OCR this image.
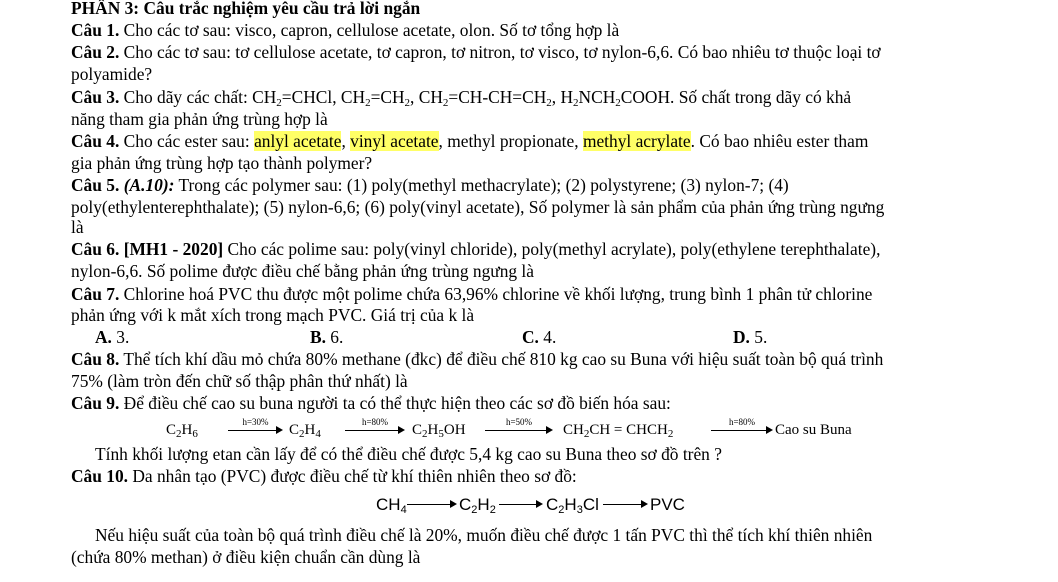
PHẦN 3: Câu trắc nghiệm yêu cầu trả lời ngắn
Câu 1. Cho các tơ sau: visco, capron, cellulose acetate, olon. Số tơ tổng hợp là
Câu 2. Cho các tơ sau: tơ cellulose acetate, tơ capron, tơ nitron, tơ visco, tơ nylon-6,6. Có bao nhiêu tơ thuộc loại tơ
polyamide?
Câu 3. Cho dãy các chất: $CH_2=CHCl$, $CH_2=CH_2$, $CH_2=CH-CH=CH_2$, $H_2NCH_2COOH$. Số chất trong dãy có khả
năng tham gia phản ứng trùng hợp là
Câu 4. Cho các ester sau: anlyl acetate, vinyl acetate, methyl propionate, methyl acrylate. Có bao nhiêu ester tham
gia phản ứng trùng hợp tạo thành polymer?
Câu 5. (A.10): Trong các polymer sau: (1) poly(methyl methacrylate); (2) polystyrene; (3) nylon-7; (4)
poly(ethylenterephthalate); (5) nylon-6,6; (6) poly(vinyl acetate), Số polymer là sản phẩm của phản ứng trùng ngưng
là
Câu 6. [MH1 - 2020] Cho các polime sau: poly(vinyl chloride), poly(methyl acrylate), poly(ethylene terephthalate),
nylon-6,6. Số polime được điều chế bằng phản ứng trùng ngưng là
Câu 7. Chlorine hoá PVC thu được một polime chứa 63,96% chlorine về khối lượng, trung bình 1 phân tử chlorine
phản ứng với k mắt xích trong mạch PVC. Giá trị của k là
A. 3.	B. 6.	C. 4.	D. 5.
Câu 8. Thể tích khí dầu mỏ chứa 80% methane (đkc) để điều chế 810 kg cao su Buna với hiệu suất toàn bộ quá trình
75% (làm tròn đến chữ số thập phân thứ nhất) là
Câu 9. Để điều chế cao su buna người ta có thể thực hiện theo các sơ đồ biến hóa sau:
$C_2H_6$
h=30%	$C_2H_4$
h=80%	$C_2H_5OH$	h=50%	$CH_2CH$ = $CHCH_2$
h=80%	Cao su Buna
Tính khối lượng etan cần lấy để có thể điều chế được 5,4 kg cao su Buna theo sơ đồ trên ?
Câu 10. Da nhân tạo (PVC) được điều chế từ khí thiên nhiên theo sơ đồ:
$CH_4$	$C_2H_2$	$C_2H_3Cl$	PVC
Nếu hiệu suất của toàn bộ quá trình điều chế là 20%, muốn điều chế được 1 tấn PVC thì thể tích khí thiên nhiên
(chứa 80% methan) ở điều kiện chuẩn cần dùng là
